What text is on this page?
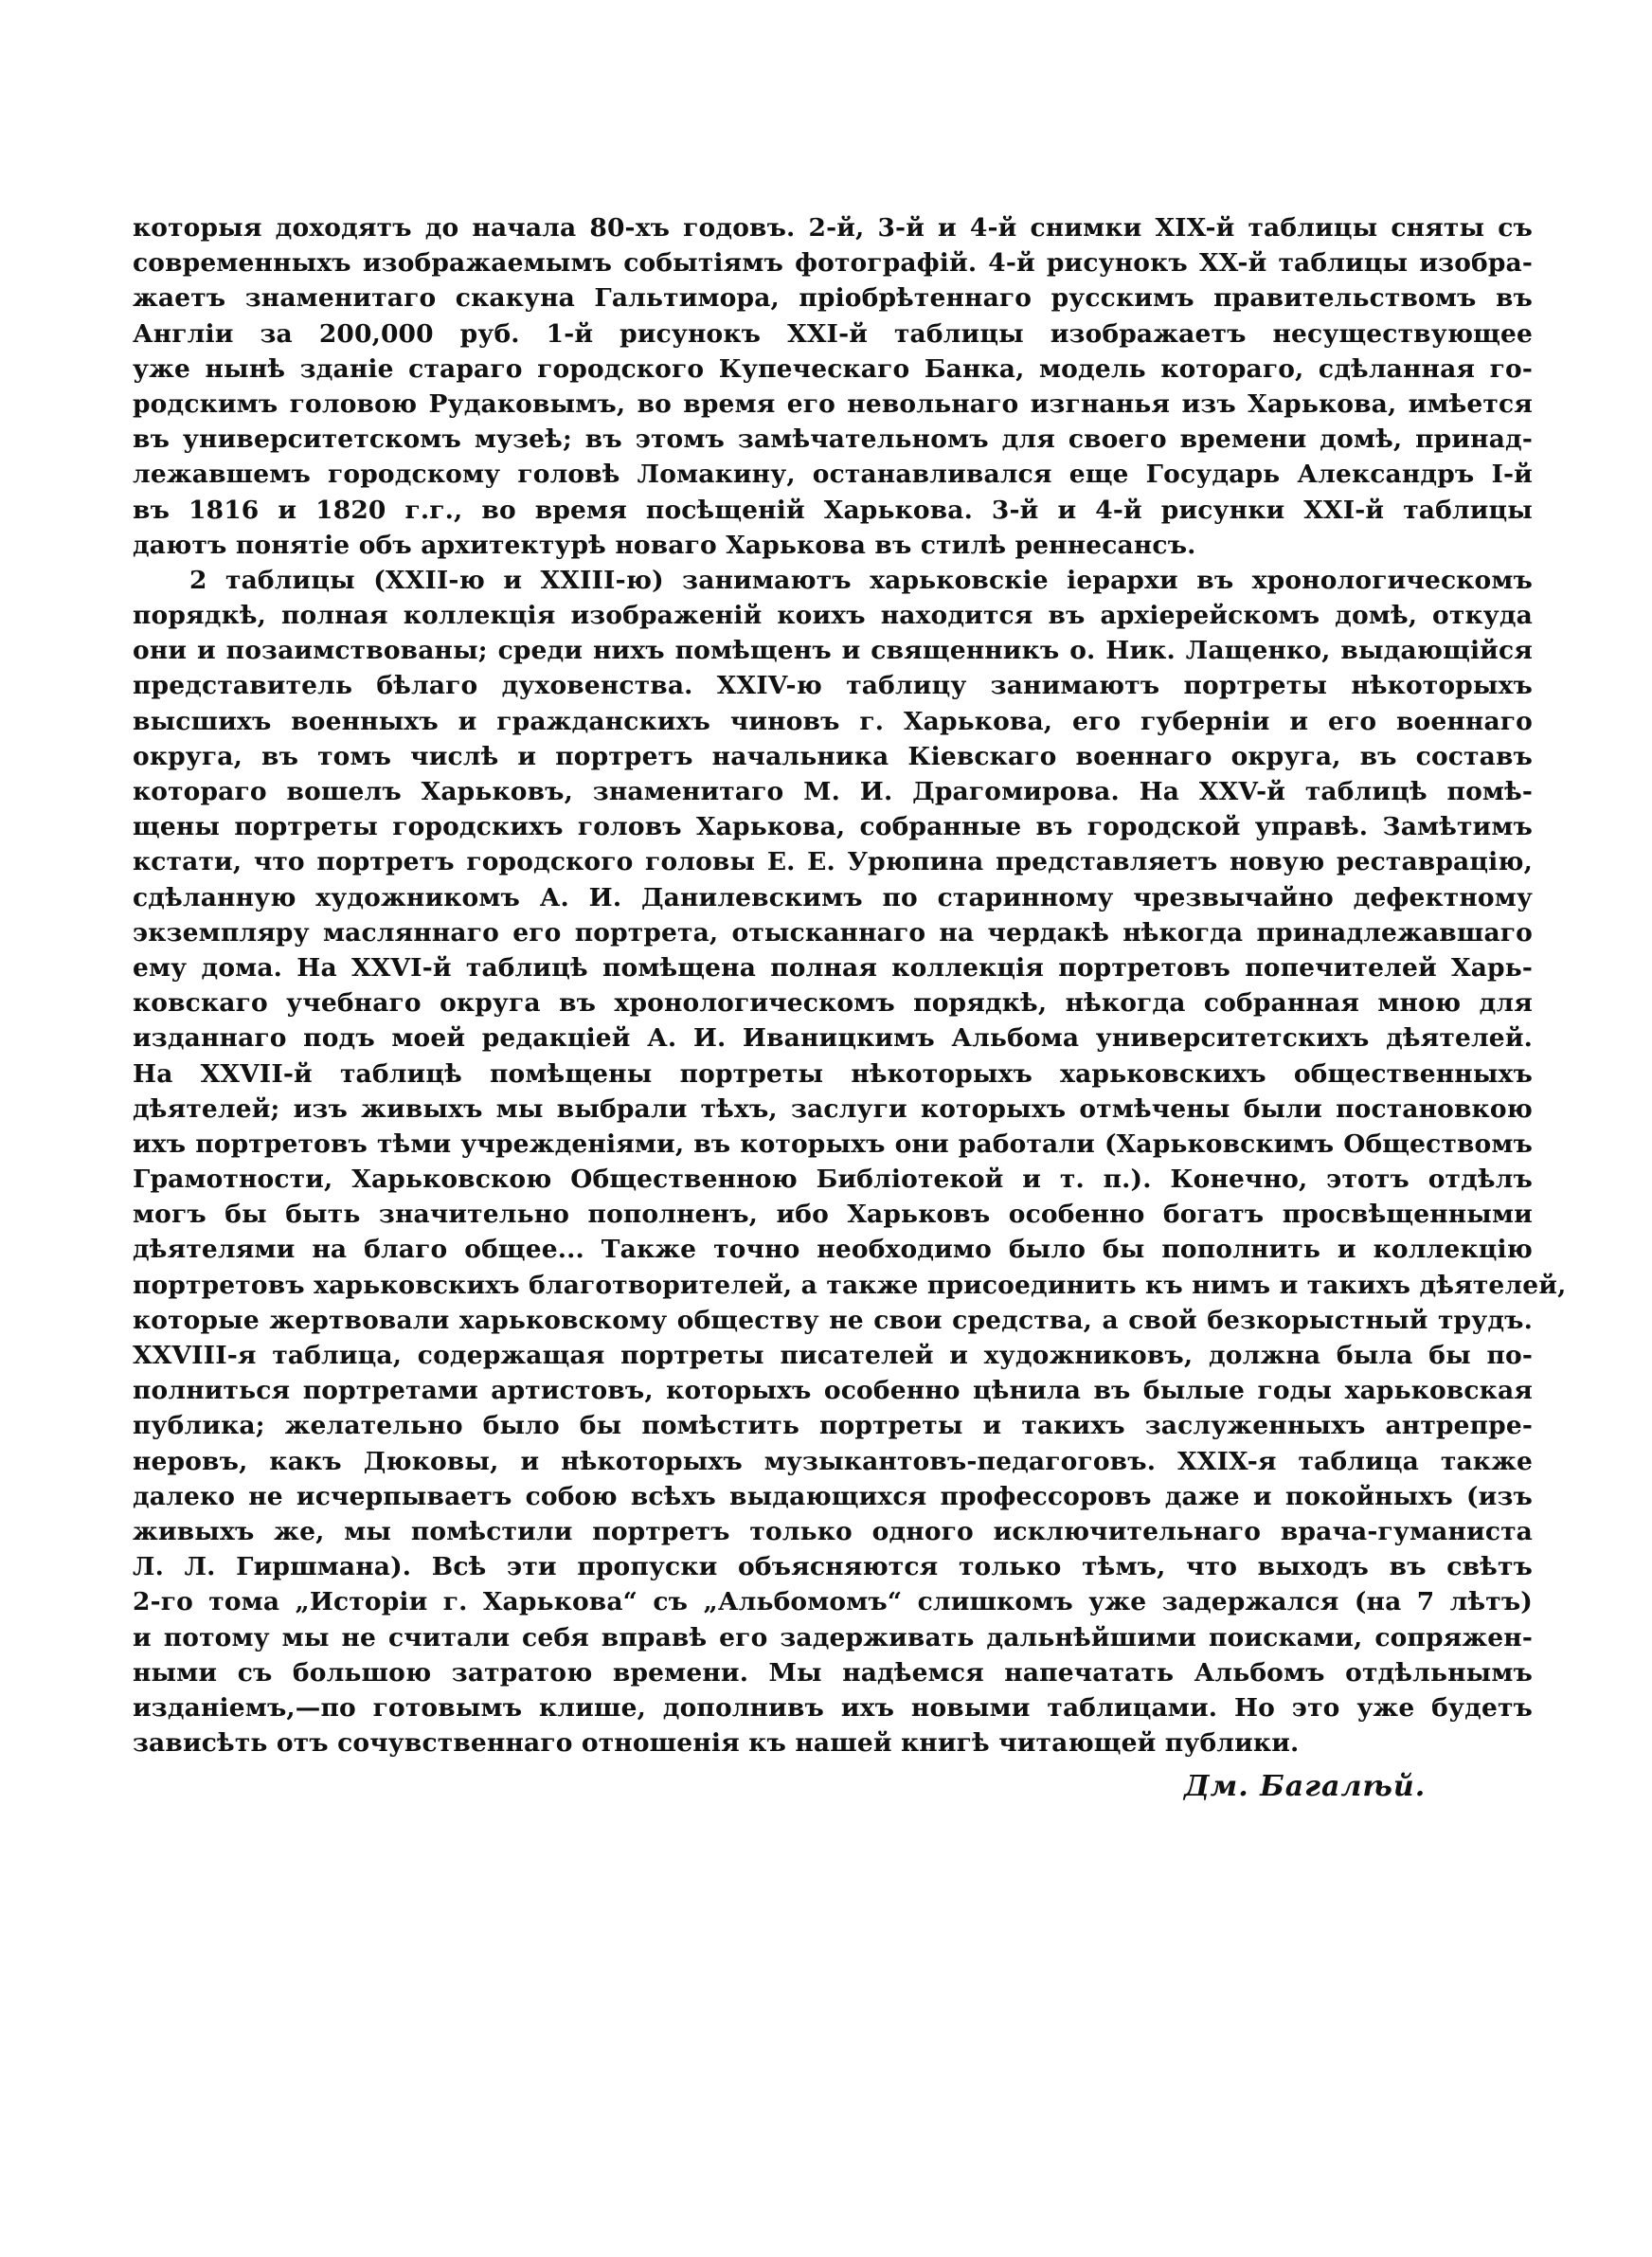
которыя доходятъ до начала 80-хъ годовъ. 2-й, 3-й и 4-й снимки XIX-й таблицы сняты съ
современныхъ изображаемымъ событіямъ фотографій. 4-й рисунокъ XX-й таблицы изобра-
жаетъ знаменитаго скакуна Гальтимора, пріобрѣтеннаго русскимъ правительствомъ въ
Англіи за 200,000 руб. 1-й рисунокъ XXI-й таблицы изображаетъ несуществующее
уже нынѣ зданіе стараго городского Купеческаго Банка, модель котораго, сдѣланная го-
родскимъ головою Рудаковымъ, во время его невольнаго изгнанья изъ Харькова, имѣется
въ университетскомъ музеѣ; въ этомъ замѣчательномъ для своего времени домѣ, принад-
лежавшемъ городскому головѣ Ломакину, останавливался еще Государь Александръ I-й
въ 1816 и 1820 г.г., во время посѣщеній Харькова. 3-й и 4-й рисунки XXI-й таблицы
даютъ понятіе объ архитектурѣ новаго Харькова въ стилѣ реннесансъ.
2 таблицы (XXII-ю и XXIII-ю) занимаютъ харьковскіе іерархи въ хронологическомъ
порядкѣ, полная коллекція изображеній коихъ находится въ архіерейскомъ домѣ, откуда
они и позаимствованы; среди нихъ помѣщенъ и священникъ о. Ник. Лащенко, выдающійся
представитель бѣлаго духовенства. XXIV-ю таблицу занимаютъ портреты нѣкоторыхъ
высшихъ военныхъ и гражданскихъ чиновъ г. Харькова, его губерніи и его военнаго
округа, въ томъ числѣ и портретъ начальника Кіевскаго военнаго округа, въ составъ
котораго вошелъ Харьковъ, знаменитаго М. И. Драгомирова. На XXV-й таблицѣ помѣ-
щены портреты городскихъ головъ Харькова, собранные въ городской управѣ. Замѣтимъ
кстати, что портретъ городского головы Е. Е. Урюпина представляетъ новую реставрацію,
сдѣланную художникомъ А. И. Данилевскимъ по старинному чрезвычайно дефектному
экземпляру масляннаго его портрета, отысканнаго на чердакѣ нѣкогда принадлежавшаго
ему дома. На XXVI-й таблицѣ помѣщена полная коллекція портретовъ попечителей Харь-
ковскаго учебнаго округа въ хронологическомъ порядкѣ, нѣкогда собранная мною для
изданнаго подъ моей редакціей А. И. Иваницкимъ Альбома университетскихъ дѣятелей.
На XXVII-й таблицѣ помѣщены портреты нѣкоторыхъ харьковскихъ общественныхъ
дѣятелей; изъ живыхъ мы выбрали тѣхъ, заслуги которыхъ отмѣчены были постановкою
ихъ портретовъ тѣми учрежденіями, въ которыхъ они работали (Харьковскимъ Обществомъ
Грамотности, Харьковскою Общественною Библіотекой и т. п.). Конечно, этотъ отдѣлъ
могъ бы быть значительно пополненъ, ибо Харьковъ особенно богатъ просвѣщенными
дѣятелями на благо общее... Также точно необходимо было бы пополнить и коллекцію
портретовъ харьковскихъ благотворителей, а также присоединить къ нимъ и такихъ дѣятелей,
которые жертвовали харьковскому обществу не свои средства, а свой безкорыстный трудъ.
XXVIII-я таблица, содержащая портреты писателей и художниковъ, должна была бы по-
полниться портретами артистовъ, которыхъ особенно цѣнила въ былые годы харьковская
публика; желательно было бы помѣстить портреты и такихъ заслуженныхъ антрепре-
неровъ, какъ Дюковы, и нѣкоторыхъ музыкантовъ-педагоговъ. XXIX-я таблица также
далеко не исчерпываетъ собою всѣхъ выдающихся профессоровъ даже и покойныхъ (изъ
живыхъ же, мы помѣстили портретъ только одного исключительнаго врача-гуманиста
Л. Л. Гиршмана). Всѣ эти пропуски объясняются только тѣмъ, что выходъ въ свѣтъ
2-го тома „Исторіи г. Харькова“ съ „Альбомомъ“ слишкомъ уже задержался (на 7 лѣтъ)
и потому мы не считали себя вправѣ его задерживать дальнѣйшими поисками, сопряжен-
ными съ большою затратою времени. Мы надѣемся напечатать Альбомъ отдѣльнымъ
изданіемъ,—по готовымъ клише, дополнивъ ихъ новыми таблицами. Но это уже будетъ
зависѣть отъ сочувственнаго отношенія къ нашей книгѣ читающей публики.
Дм. Багалѣй.
